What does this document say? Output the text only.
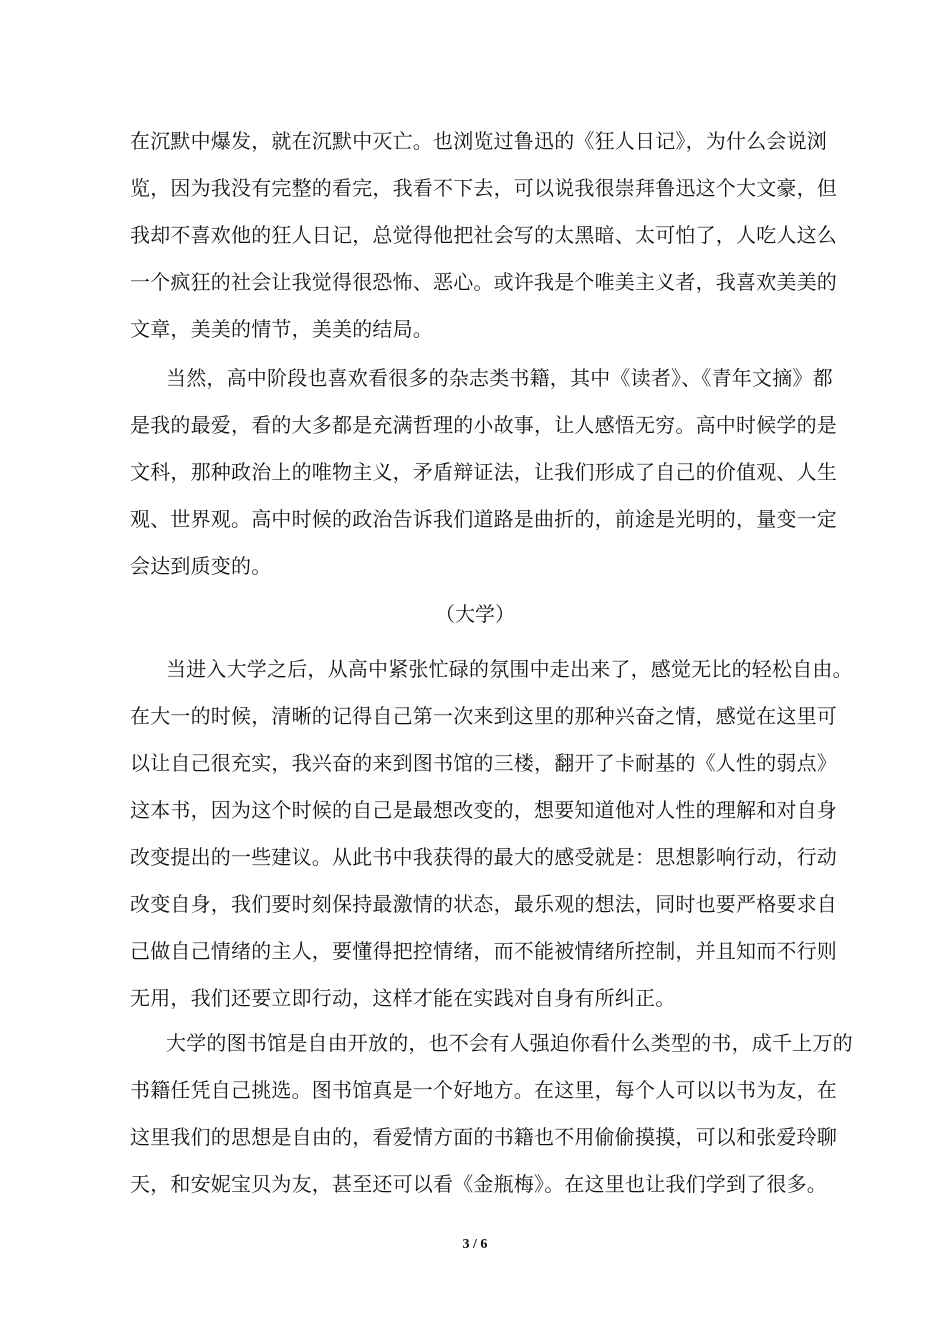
在沉默中爆发，就在沉默中灭亡。也浏览过鲁迅的《狂人日记》，为什么会说浏
览，因为我没有完整的看完，我看不下去，可以说我很崇拜鲁迅这个大文豪，但
我却不喜欢他的狂人日记，总觉得他把社会写的太黑暗、太可怕了，人吃人这么
一个疯狂的社会让我觉得很恐怖、恶心。或许我是个唯美主义者，我喜欢美美的
文章，美美的情节，美美的结局。
当然，高中阶段也喜欢看很多的杂志类书籍，其中《读者》、《青年文摘》都
是我的最爱，看的大多都是充满哲理的小故事，让人感悟无穷。高中时候学的是
文科，那种政治上的唯物主义，矛盾辩证法，让我们形成了自己的价值观、人生
观、世界观。高中时候的政治告诉我们道路是曲折的，前途是光明的，量变一定
会达到质变的。
（大学）
当进入大学之后，从高中紧张忙碌的氛围中走出来了，感觉无比的轻松自由。
在大一的时候，清晰的记得自己第一次来到这里的那种兴奋之情，感觉在这里可
以让自己很充实，我兴奋的来到图书馆的三楼，翻开了卡耐基的《人性的弱点》
这本书，因为这个时候的自己是最想改变的，想要知道他对人性的理解和对自身
改变提出的一些建议。从此书中我获得的最大的感受就是：思想影响行动，行动
改变自身，我们要时刻保持最激情的状态，最乐观的想法，同时也要严格要求自
己做自己情绪的主人，要懂得把控情绪，而不能被情绪所控制，并且知而不行则
无用，我们还要立即行动，这样才能在实践对自身有所纠正。
大学的图书馆是自由开放的，也不会有人强迫你看什么类型的书，成千上万的
书籍任凭自己挑选。图书馆真是一个好地方。在这里，每个人可以以书为友，在
这里我们的思想是自由的，看爱情方面的书籍也不用偷偷摸摸，可以和张爱玲聊
天，和安妮宝贝为友，甚至还可以看《金瓶梅》。在这里也让我们学到了很多。
3 / 6
